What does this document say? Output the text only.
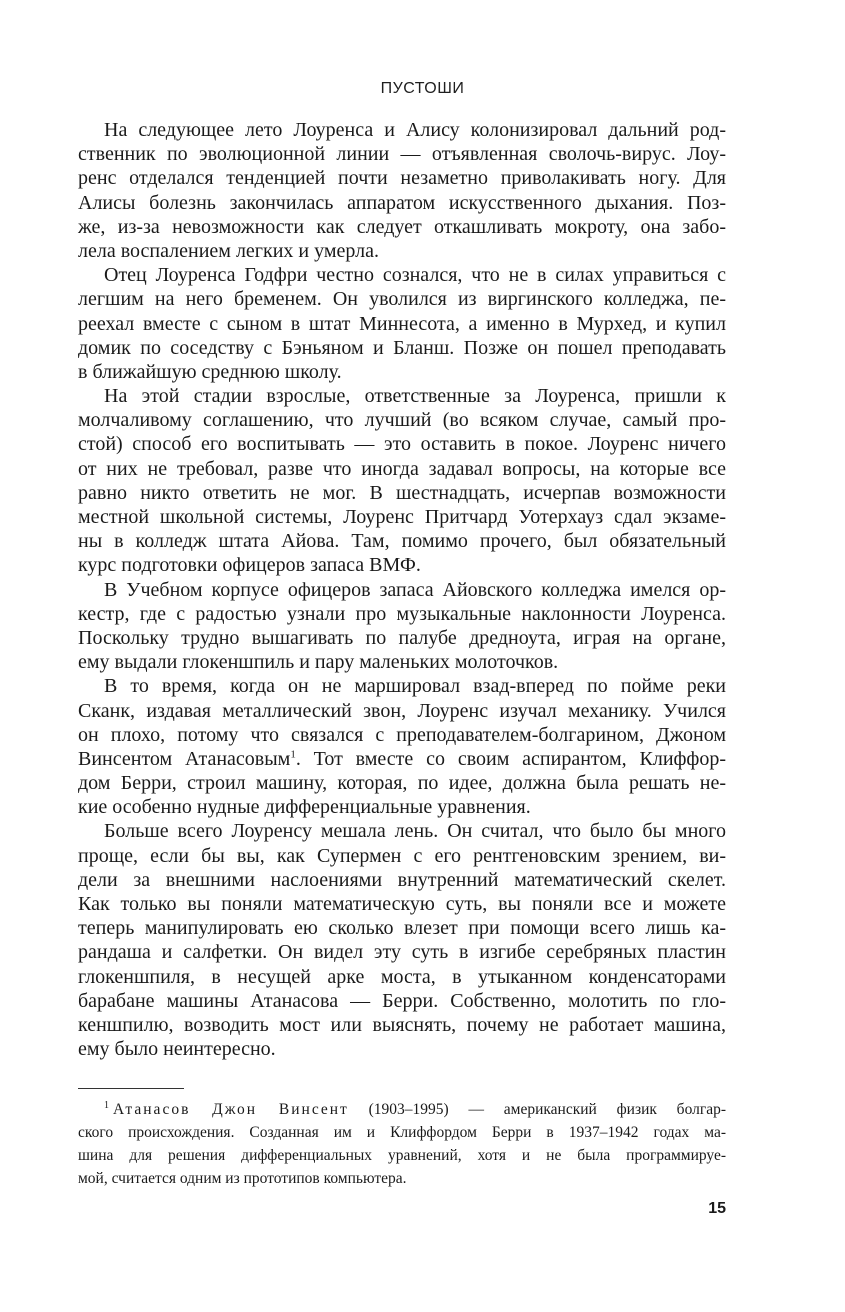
ПУСТОШИ
На следующее лето Лоуренса и Алису колонизировал дальний род-
ственник по эволюционной линии — отъявленная сволочь-вирус. Лоу-
ренс отделался тенденцией почти незаметно приволакивать ногу. Для
Алисы болезнь закончилась аппаратом искусственного дыхания. Поз-
же, из-за невозможности как следует откашливать мокроту, она забо-
лела воспалением легких и умерла.
Отец Лоуренса Годфри честно сознался, что не в силах управиться с
легшим на него бременем. Он уволился из виргинского колледжа, пе-
реехал вместе с сыном в штат Миннесота, а именно в Мурхед, и купил
домик по соседству с Бэньяном и Бланш. Позже он пошел преподавать
в ближайшую среднюю школу.
На этой стадии взрослые, ответственные за Лоуренса, пришли к
молчаливому соглашению, что лучший (во всяком случае, самый про-
стой) способ его воспитывать — это оставить в покое. Лоуренс ничего
от них не требовал, разве что иногда задавал вопросы, на которые все
равно никто ответить не мог. В шестнадцать, исчерпав возможности
местной школьной системы, Лоуренс Притчард Уотерхауз сдал экзаме-
ны в колледж штата Айова. Там, помимо прочего, был обязательный
курс подготовки офицеров запаса ВМФ.
В Учебном корпусе офицеров запаса Айовского колледжа имелся ор-
кестр, где с радостью узнали про музыкальные наклонности Лоуренса.
Поскольку трудно вышагивать по палубе дредноута, играя на органе,
ему выдали глокеншпиль и пару маленьких молоточков.
В то время, когда он не маршировал взад-вперед по пойме реки
Сканк, издавая металлический звон, Лоуренс изучал механику. Учился
он плохо, потому что связался с преподавателем-болгарином, Джоном
Винсентом Атанасовым$^1$. Тот вместе со своим аспирантом, Клиффор-
дом Берри, строил машину, которая, по идее, должна была решать не-
кие особенно нудные дифференциальные уравнения.
Больше всего Лоуренсу мешала лень. Он считал, что было бы много
проще, если бы вы, как Супермен с его рентгеновским зрением, ви-
дели за внешними наслоениями внутренний математический скелет.
Как только вы поняли математическую суть, вы поняли все и можете
теперь манипулировать ею сколько влезет при помощи всего лишь ка-
рандаша и салфетки. Он видел эту суть в изгибе серебряных пластин
глокеншпиля, в несущей арке моста, в утыканном конденсаторами
барабане машины Атанасова — Берри. Собственно, молотить по гло-
кеншпилю, возводить мост или выяснять, почему не работает машина,
ему было неинтересно.
$^1$ Атанасов Джон Винсент (1903–1995) — американский физик болгар-
ского происхождения. Созданная им и Клиффордом Берри в 1937–1942 годах ма-
шина для решения дифференциальных уравнений, хотя и не была программируе-
мой, считается одним из прототипов компьютера.
15
